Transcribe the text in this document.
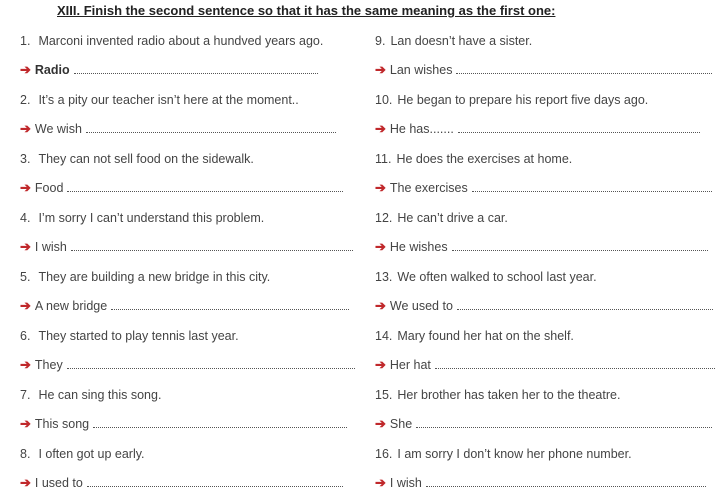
XIII. Finish the second sentence so that it has the same meaning as the first one:
1. Marconi invented radio about a hundved years ago.
➔ Radio
2. It’s a pity our teacher isn’t here at the moment..
➔ We wish
3. They can not sell food on the sidewalk.
➔ Food
4. I’m sorry I can’t understand this problem.
➔ I wish
5. They are building a new bridge in this city.
➔ A new bridge
6. They started to play tennis last year.
➔ They
7. He can sing this song.
➔ This song
8. I often got up early.
➔ I used to
9. Lan doesn’t have a sister.
➔ Lan wishes
10. He began to prepare his report five days ago.
➔ He has.......
11. He does the exercises at home.
➔ The exercises
12. He can’t drive a car.
➔ He wishes
13. We often walked to school last year.
➔ We used to
14. Mary found her hat on the shelf.
➔ Her hat
15. Her brother has taken her to the theatre.
➔ She
16. I am sorry I don’t know her phone number.
➔ I wish
